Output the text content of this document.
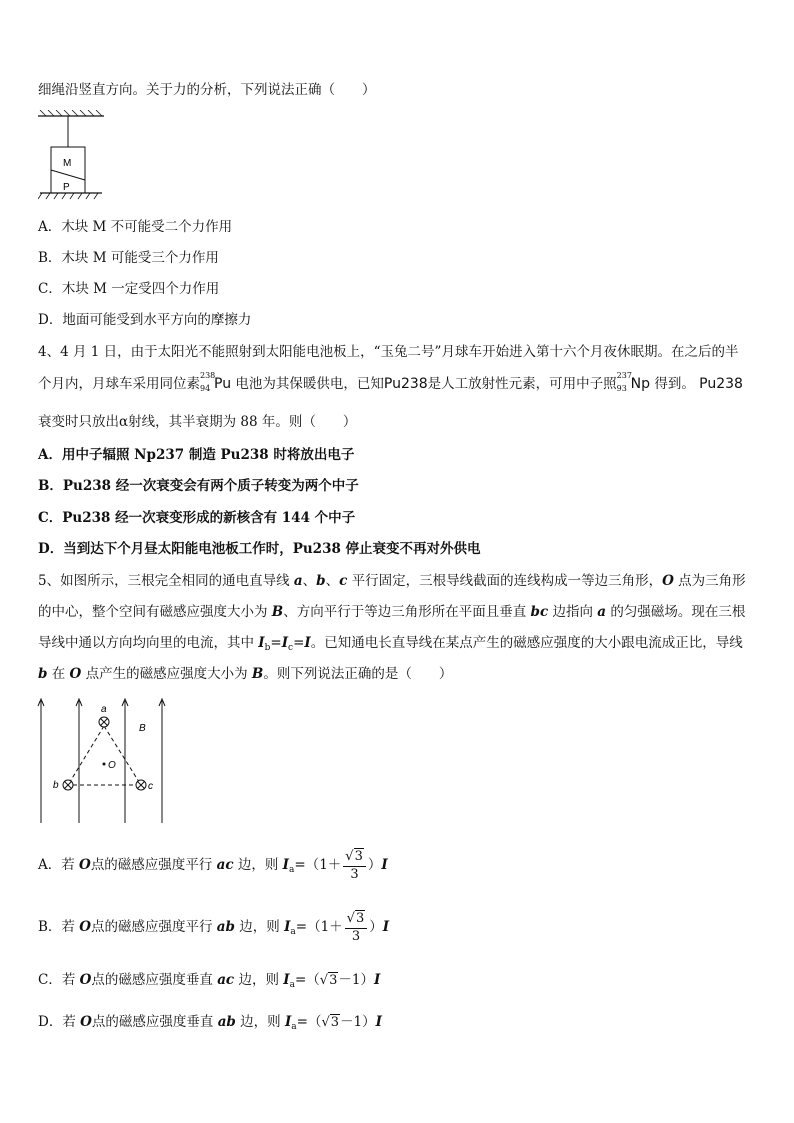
细绳沿竖直方向。关于力的分析，下列说法正确（　　）
M
P
A．木块 M 不可能受二个力作用
B．木块 M 可能受三个力作用
C．木块 M 一定受四个力作用
D．地面可能受到水平方向的摩擦力
4、4 月 1 日，由于太阳光不能照射到太阳能电池板上，“玉兔二号”月球车开始进入第十六个月夜休眠期。在之后的半
个月内，月球车采用同位素
238
94 Pu 电池为其保暖供电，已知Pu238是人工放射性元素，可用中子照
237
93 Np 得到。 Pu238
衰变时只放出α射线，其半衰期为 88 年。则（　　）
A．用中子辐照 Np237 制造 Pu238 时将放出电子
B．Pu238 经一次衰变会有两个质子转变为两个中子
C．Pu238 经一次衰变形成的新核含有 144 个中子
D．当到达下个月昼太阳能电池板工作时，Pu238 停止衰变不再对外供电
5、如图所示，三根完全相同的通电直导线 a、b、c 平行固定，三根导线截面的连线构成一等边三角形，O 点为三角形
的中心，整个空间有磁感应强度大小为 B、方向平行于等边三角形所在平面且垂直 bc 边指向 a 的匀强磁场。现在三根
导线中通以方向均向里的电流，其中 $I_b=I_c=I$。已知通电长直导线在某点产生的磁感应强度的大小跟电流成正比，导线
b 在 O 点产生的磁感应强度大小为 B。则下列说法正确的是（　　）
a
b	c
O
B
A．若 O点的磁感应强度平行 ac 边，则 $I_a=(1+ \frac{√3}{3} )I$
B．若 O点的磁感应强度平行 ab 边，则 $I_a=(1+ \frac{√3}{3} )I$
C．若 O点的磁感应强度垂直 ac 边，则 $I_a=(√3-1)I$
D．若 O点的磁感应强度垂直 ab 边，则 $I_a=(√3-1)I$
